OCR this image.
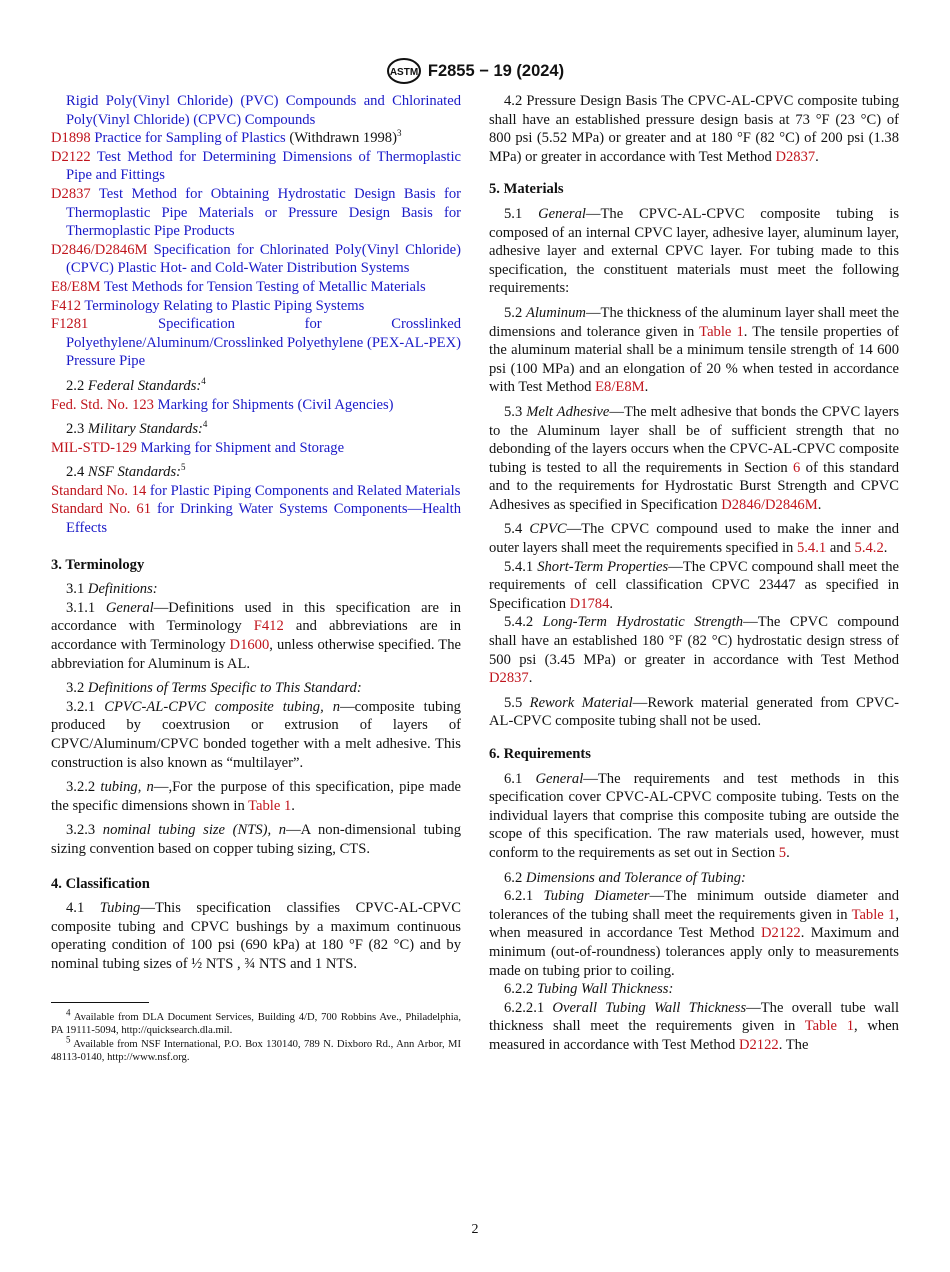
ASTM F2855 − 19 (2024)

Rigid Poly(Vinyl Chloride) (PVC) Compounds and Chlorinated Poly(Vinyl Chloride) (CPVC) Compounds

D1898 Practice for Sampling of Plastics (Withdrawn 1998)$^3$

D2122 Test Method for Determining Dimensions of Thermoplastic Pipe and Fittings

D2837 Test Method for Obtaining Hydrostatic Design Basis for Thermoplastic Pipe Materials or Pressure Design Basis for Thermoplastic Pipe Products

D2846/D2846M Specification for Chlorinated Poly(Vinyl Chloride) (CPVC) Plastic Hot- and Cold-Water Distribution Systems

E8/E8M Test Methods for Tension Testing of Metallic Materials

F412 Terminology Relating to Plastic Piping Systems

F1281 Specification for Crosslinked Polyethylene/Aluminum/Crosslinked Polyethylene (PEX-AL-PEX) Pressure Pipe

2.2 Federal Standards:$^4$

Fed. Std. No. 123 Marking for Shipments (Civil Agencies)

2.3 Military Standards:$^4$

MIL-STD-129 Marking for Shipment and Storage

2.4 NSF Standards:$^5$

Standard No. 14 for Plastic Piping Components and Related Materials

Standard No. 61 for Drinking Water Systems Components—Health Effects

3. Terminology

3.1 Definitions:

3.1.1 General—Definitions used in this specification are in accordance with Terminology F412 and abbreviations are in accordance with Terminology D1600, unless otherwise specified. The abbreviation for Aluminum is AL.

3.2 Definitions of Terms Specific to This Standard:

3.2.1 CPVC-AL-CPVC composite tubing, n—composite tubing produced by coextrusion or extrusion of layers of CPVC/Aluminum/CPVC bonded together with a melt adhesive. This construction is also known as “multilayer”.

3.2.2 tubing, n—,For the purpose of this specification, pipe made the specific dimensions shown in Table 1.

3.2.3 nominal tubing size (NTS), n—A non-dimensional tubing sizing convention based on copper tubing sizing, CTS.

4. Classification

4.1 Tubing—This specification classifies CPVC-AL-CPVC composite tubing and CPVC bushings by a maximum continuous operating condition of 100 psi (690 kPa) at 180 °F (82 °C) and by nominal tubing sizes of ½ NTS , ¾ NTS and 1 NTS.

$^4$ Available from DLA Document Services, Building 4/D, 700 Robbins Ave., Philadelphia, PA 19111-5094, http://quicksearch.dla.mil.

$^5$ Available from NSF International, P.O. Box 130140, 789 N. Dixboro Rd., Ann Arbor, MI 48113-0140, http://www.nsf.org.

4.2 Pressure Design Basis The CPVC-AL-CPVC composite tubing shall have an established pressure design basis at 73 °F (23 °C) of 800 psi (5.52 MPa) or greater and at 180 °F (82 °C) of 200 psi (1.38 MPa) or greater in accordance with Test Method D2837.

5. Materials

5.1 General—The CPVC-AL-CPVC composite tubing is composed of an internal CPVC layer, adhesive layer, aluminum layer, adhesive layer and external CPVC layer. For tubing made to this specification, the constituent materials must meet the following requirements:

5.2 Aluminum—The thickness of the aluminum layer shall meet the dimensions and tolerance given in Table 1. The tensile properties of the aluminum material shall be a minimum tensile strength of 14 600 psi (100 MPa) and an elongation of 20 % when tested in accordance with Test Method E8/E8M.

5.3 Melt Adhesive—The melt adhesive that bonds the CPVC layers to the Aluminum layer shall be of sufficient strength that no debonding of the layers occurs when the CPVC-AL-CPVC composite tubing is tested to all the requirements in Section 6 of this standard and to the requirements for Hydrostatic Burst Strength and CPVC Adhesives as specified in Specification D2846/D2846M.

5.4 CPVC—The CPVC compound used to make the inner and outer layers shall meet the requirements specified in 5.4.1 and 5.4.2.

5.4.1 Short-Term Properties—The CPVC compound shall meet the requirements of cell classification CPVC 23447 as specified in Specification D1784.

5.4.2 Long-Term Hydrostatic Strength—The CPVC compound shall have an established 180 °F (82 °C) hydrostatic design stress of 500 psi (3.45 MPa) or greater in accordance with Test Method D2837.

5.5 Rework Material—Rework material generated from CPVC-AL-CPVC composite tubing shall not be used.

6. Requirements

6.1 General—The requirements and test methods in this specification cover CPVC-AL-CPVC composite tubing. Tests on the individual layers that comprise this composite tubing are outside the scope of this specification. The raw materials used, however, must conform to the requirements as set out in Section 5.

6.2 Dimensions and Tolerance of Tubing:

6.2.1 Tubing Diameter—The minimum outside diameter and tolerances of the tubing shall meet the requirements given in Table 1, when measured in accordance Test Method D2122. Maximum and minimum (out-of-roundness) tolerances apply only to measurements made on tubing prior to coiling.

6.2.2 Tubing Wall Thickness:

6.2.2.1 Overall Tubing Wall Thickness—The overall tube wall thickness shall meet the requirements given in Table 1, when measured in accordance with Test Method D2122. The

2
